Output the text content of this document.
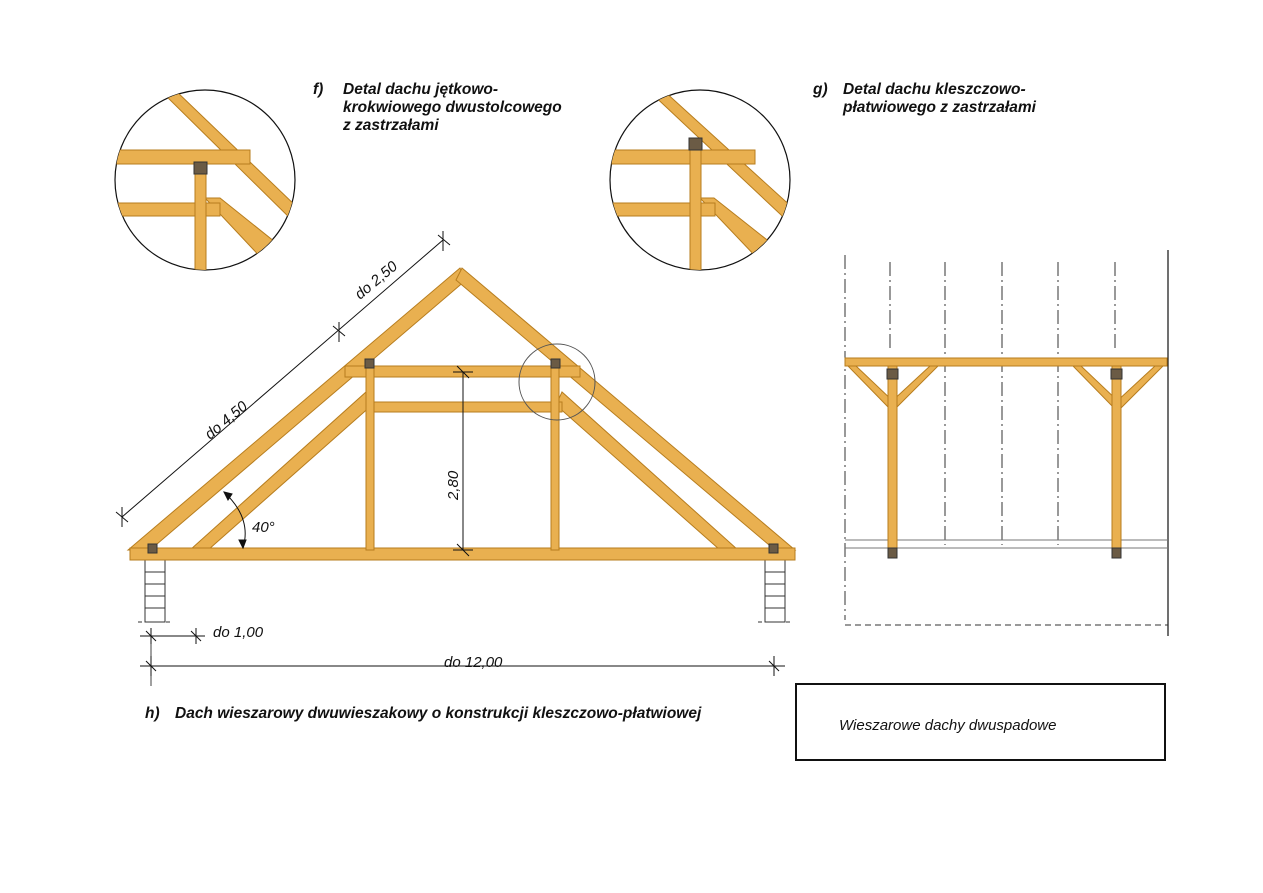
f) Detal dachu jętkowo-
krokwiowego dwustolcowego
z zastrzałami
g) Detal dachu kleszczowo-
płatwiowego z zastrzałami
h) Dach wieszarowy dwuwieszakowy o konstrukcji kleszczowo-płatwiowej
Wieszarowe dachy dwuspadowe
do 2,50
do 4,50
2,80
40°
do 1,00
do 12,00
